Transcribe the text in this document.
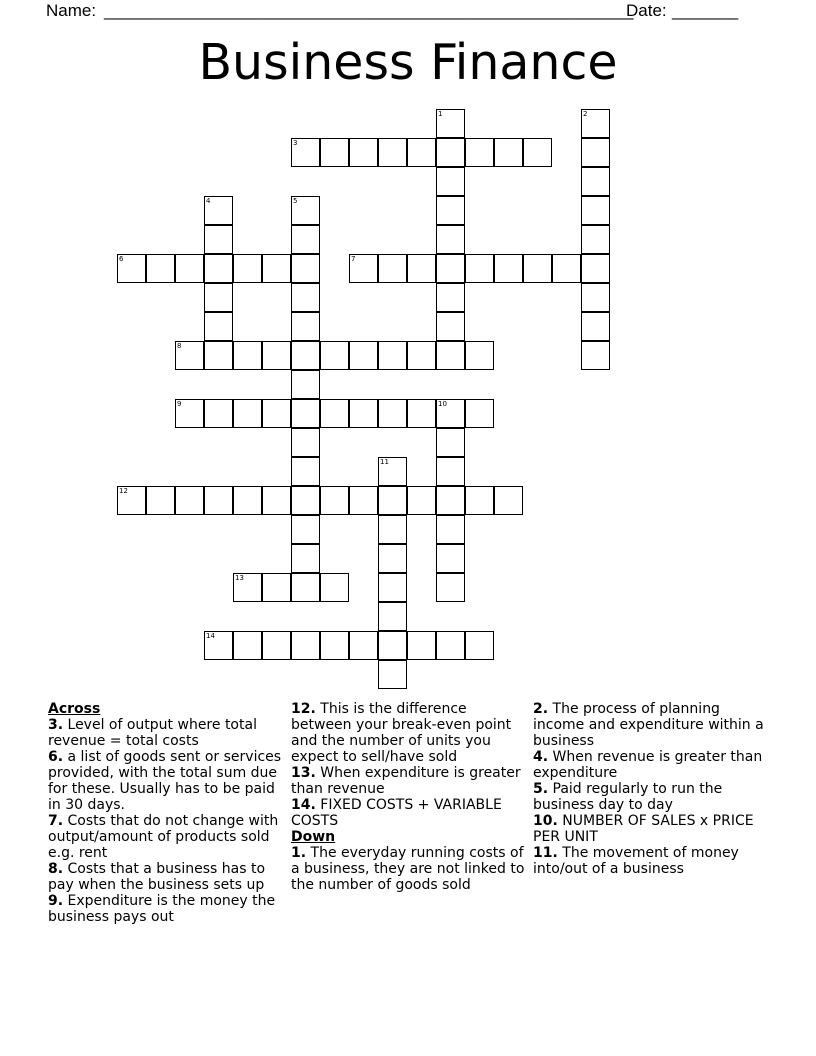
Name: ________________________________________________________
Date: _______
Business Finance
1	2
3
4	5
6	7
8
9	10
11
12
13
14

Across

3. Level of output where total revenue = total costs

6. a list of goods sent or services provided, with the total sum due for these. Usually has to be paid in 30 days.

7. Costs that do not change with output/amount of products sold e.g. rent

8. Costs that a business has to pay when the business sets up

9. Expenditure is the money the business pays out

12. This is the difference between your break-even point and the number of units you expect to sell/have sold

13. When expenditure is greater than revenue

14. FIXED COSTS + VARIABLE COSTS

Down

1. The everyday running costs of a business, they are not linked to the number of goods sold

2. The process of planning income and expenditure within a business

4. When revenue is greater than expenditure

5. Paid regularly to run the business day to day

10. NUMBER OF SALES x PRICE PER UNIT

11. The movement of money into/out of a business
